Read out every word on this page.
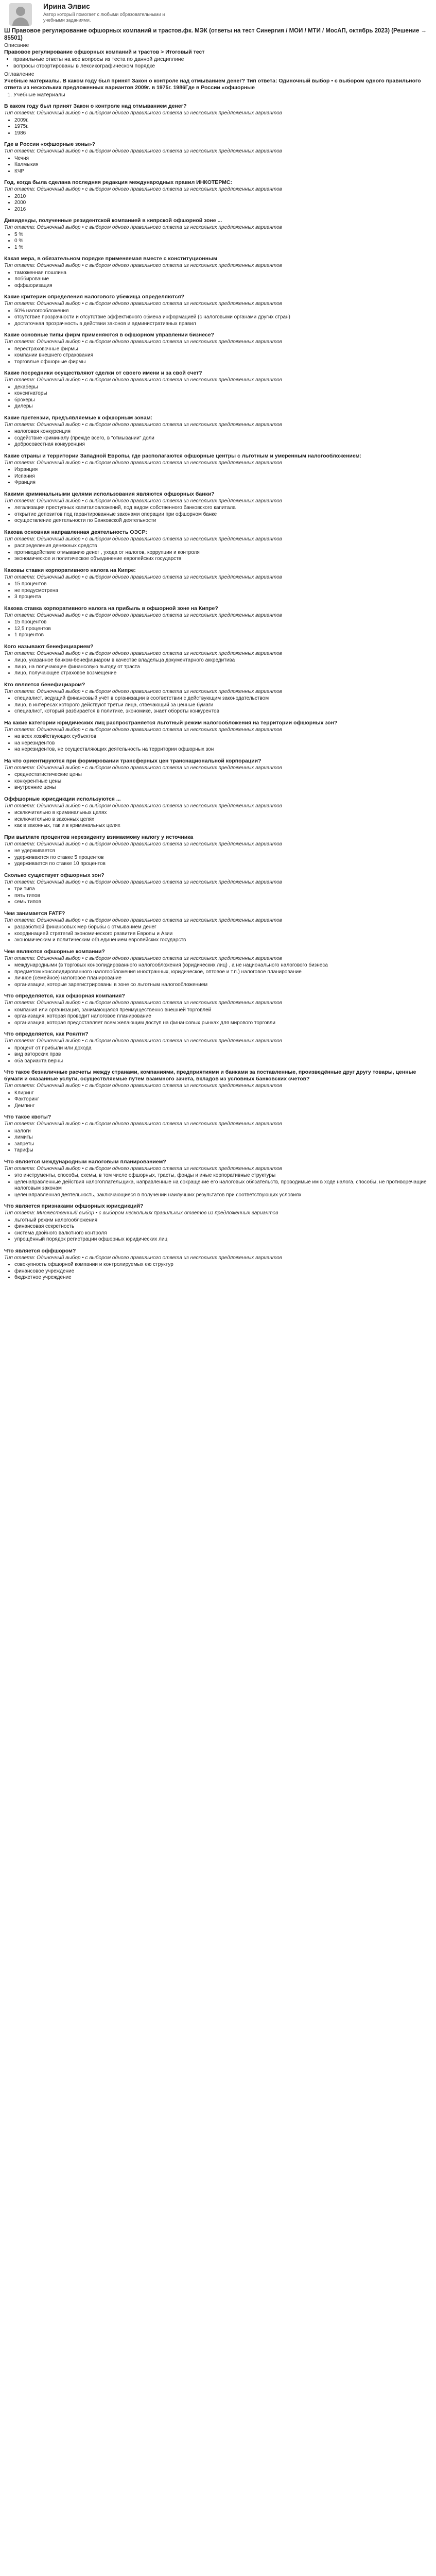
Ирина Элвис
Автор который помогает с любыми образовательными и учебными заданиями.
Ш Правовое регулирование офшорных компаний и трастов.фк. МЭК (ответы на тест Синергия / МОИ / МТИ / МосАП, октябрь 2023) (Решение → 85501)
Описание
Правовое регулирование офшорных компаний и трастов > Итоговый тест
• правильные ответы на все вопросы из теста по данной дисциплине
• вопросы отсортированы в лексикографическом порядке
Оглавление
Учебные материалы. В каком году был принят Закон о контроле над отмыванием денег? Тип ответа: Одиночный выбор • с выбором одного правильного ответа из нескольких предложенных вариантов 2009г. в 1975г. 1986Где в России «офшорные
1. Учебные материалы
В каком году был принят Закон о контроле над отмыванием денег?
Тип ответа: Одиночный выбор • с выбором одного правильного ответа из нескольких предложенных вариантов
• 2009г.
• 1975г.
• 1986
Где в России «офшорные зоны»?
Тип ответа: Одиночный выбор • с выбором одного правильного ответа из нескольких предложенных вариантов
• Чечня
• Калмыкия
• КЧР
Год, когда была сделана последняя редакция международных правил ИНКОТЕРМС:
Тип ответа: Одиночный выбор • с выбором одного правильного ответа из нескольких предложенных вариантов
• 2010
• 2000
• 2016
Дивиденды, полученные резидентской компанией в кипрской офшорной зоне ...
Тип ответа: Одиночный выбор • с выбором одного правильного ответа из нескольких предложенных вариантов
• 5 %
• 0 %
• 1 %
Какая мера, в обязательном порядке применяемая вместе с конституционным
Тип ответа: Одиночный выбор • с выбором одного правильного ответа из нескольких предложенных вариантов
• таможенная пошлина
• лоббирование
• оффшоризация
Какие критерии определения налогового убежища определяются?
Тип ответа: Одиночный выбор • с выбором одного правильного ответа из нескольких предложенных вариантов
• 50% налогообложения
• отсутствие прозрачности и отсутствие эффективного обмена информацией (с налоговыми органами других стран)
• достаточная прозрачность в действии законов и административных правил
Какие основные типы фирм применяются в офшорном управлении бизнесе?
Тип ответа: Одиночный выбор • с выбором одного правильного ответа из нескольких предложенных вариантов
• перестраховочные фирмы
• компании внешнего страхования
• торговлые офшорные фирмы
Какие посредники осуществляют сделки от своего имени и за свой счет?
Тип ответа: Одиночный выбор • с выбором одного правильного ответа из нескольких предложенных вариантов
• декабёры
• консигнаторы
• брокеры
• дилеры
Какие претензии, предъявляемые к офшорным зонам:
Тип ответа: Одиночный выбор • с выбором одного правильного ответа из нескольких предложенных вариантов
• налоговая конкуренция
• содействие криминалу (прежде всего, в "отмывании" доли
• добросовестная конкуренция
Какие страны и территории Западной Европы, где располагаются офшорные центры с льготным и умеренным налогообложением:
Тип ответа: Одиночный выбор • с выбором одного правильного ответа из нескольких предложенных вариантов
• Израиция
• Испания
• Франция
Какими криминальными целями использования являются офшорных банки?
Тип ответа: Одиночный выбор • с выбором одного правильного ответа из нескольких предложенных вариантов
• легализация преступных капиталовложений, под видом собственного банковского капитала
• открытие депозитов под гарантированные законами операции при офшорном банке
• осуществление деятельности по Банковской деятельности
Какова основная направленная деятельность ОЭСР:
Тип ответа: Одиночный выбор • с выбором одного правильного ответа из нескольких предложенных вариантов
• распределения денежных средств
• противодействие отмыванию денег , ухода от налогов, коррупции и контроля
• экономическое и политическое объединение европейских государств
Каковы ставки корпоративного налога на Кипре:
Тип ответа: Одиночный выбор • с выбором одного правильного ответа из нескольких предложенных вариантов
• 15 процентов
• не предусмотрена
• 3 процента
Какова ставка корпоративного налога на прибыль в офшорной зоне на Кипре?
Тип ответа: Одиночный выбор • с выбором одного правильного ответа из нескольких предложенных вариантов
• 15 процентов
• 12,5 процентов
• 1 процентов
Кого называют бенефициарием?
Тип ответа: Одиночный выбор • с выбором одного правильного ответа из нескольких предложенных вариантов
• лицо, указанное банком-бенефициаром в качестве владельца документарного аккредитива
• лицо, на получающее финансовую выгоду от траста
• лицо, получающее страховое возмещение
Кто является бенефициаром?
Тип ответа: Одиночный выбор • с выбором одного правильного ответа из нескольких предложенных вариантов
• специалист, ведущий финансовый учёт в организации в соответствии с действующим законодательством
• лицо, в интересах которого действуют третьи лица, отвечающий за ценные бумаги
• специалист, который разбирается в политике, экономике, знает обороты конкурентов
На какие категории юридических лиц распространяется льготный режим налогообложения на территории офшорных зон?
Тип ответа: Одиночный выбор • с выбором одного правильного ответа из нескольких предложенных вариантов
• на всех хозяйствующих субъектов
• на нерезидентов
• на нерезидентов, не осуществляющих деятельность на территории офшорных зон
На что ориентируются при формировании трансферных цен транснациональной корпорации?
Тип ответа: Одиночный выбор • с выбором одного правильного ответа из нескольких предложенных вариантов
• среднестатистические цены
• конкурентные цены
• внутренние цены
Оффшорные юрисдикции используются ...
Тип ответа: Одиночный выбор • с выбором одного правильного ответа из нескольких предложенных вариантов
• исключительно в криминальных целях
• исключительно в законных целях
• как в законных, так и в криминальных целях
При выплате процентов нерезиденту взимаемому налогу у источника
Тип ответа: Одиночный выбор • с выбором одного правильного ответа из нескольких предложенных вариантов
• не удерживается
• удерживаются по ставке 5 процентов
• удерживается по ставке 10 процентов
Сколько существует офшорных зон?
Тип ответа: Одиночный выбор • с выбором одного правильного ответа из нескольких предложенных вариантов
• три типа
• пять типов
• семь типов
Чем занимается FATF?
Тип ответа: Одиночный выбор • с выбором одного правильного ответа из нескольких предложенных вариантов
• разработкой финансовых мер борьбы с отмыванием денег
• координацией стратегий экономического развития Европы и Азии
• экономическим и политическим объединением европейских государств
Чем являются офшорные компании?
Тип ответа: Одиночный выбор • с выбором одного правильного ответа из нескольких предложенных вариантов
• международными (в торговых консолидированного налогообложения (юридических лиц) , а не национального налогового бизнеса
• предметом консолидированного налогообложения иностранных, юридическое, оптовое и т.п.) налоговое планирование
• личное (семейное) налоговое планирование
• организации, которые зарегистрированы в зоне со льготным налогообложением
Что определяется, как офшорная компания?
Тип ответа: Одиночный выбор • с выбором одного правильного ответа из нескольких предложенных вариантов
• компания или организация, занимающаяся преимущественно внешней торговлей
• организация, которая проводит налоговое планирование
• организация, которая предоставляет всем желающим доступ на финансовых рынках для мирового торговли
Что определяется, как Роялти?
Тип ответа: Одиночный выбор • с выбором одного правильного ответа из нескольких предложенных вариантов
• процент от прибыли или дохода
• вид авторских прав
• оба варианта верны
Что такое безналичные расчеты между странами, компаниями, предприятиями и банками за поставленные, произведённые друг другу товары, ценные бумаги и оказанные услуги, осуществляемые путем взаимного зачета, вкладов из условных банковских счетов?
Тип ответа: Одиночный выбор • с выбором одного правильного ответа из нескольких предложенных вариантов
• Клиринг
• Факторинг
• Демпинг
Что такое квоты?
Тип ответа: Одиночный выбор • с выбором одного правильного ответа из нескольких предложенных вариантов
• налоги
• лимиты
• запреты
• тарифы
Что является международным налоговым планированием?
Тип ответа: Одиночный выбор • с выбором одного правильного ответа из нескольких предложенных вариантов
• это инструменты, способы, схемы, в том числе офшорных, трасты, фонды и иные корпоративные структуры
• целенаправленные действия налогоплательщика, направленные на сокращение его налоговых обязательств, проводимые им в ходе налога, способы, не противоречащие налоговым законам
• целенаправленная деятельность, заключающиеся в получении наилучших результатов при соответствующих условиях
Что является признаками офшорных юрисдикций?
Тип ответа: Множественный выбор • с выбором нескольких правильных ответов из предложенных вариантов
• льготный режим налогообложения
• финансовая секретность
• система двойного валютного контроля
• упрощённый порядок регистрации офшорных юридических лиц
Что является оффшором?
Тип ответа: Одиночный выбор • с выбором одного правильного ответа из нескольких предложенных вариантов
• совокупность офшорной компании и контролируемых ею структур
• финансовое учреждение
• бюджетное учреждение
